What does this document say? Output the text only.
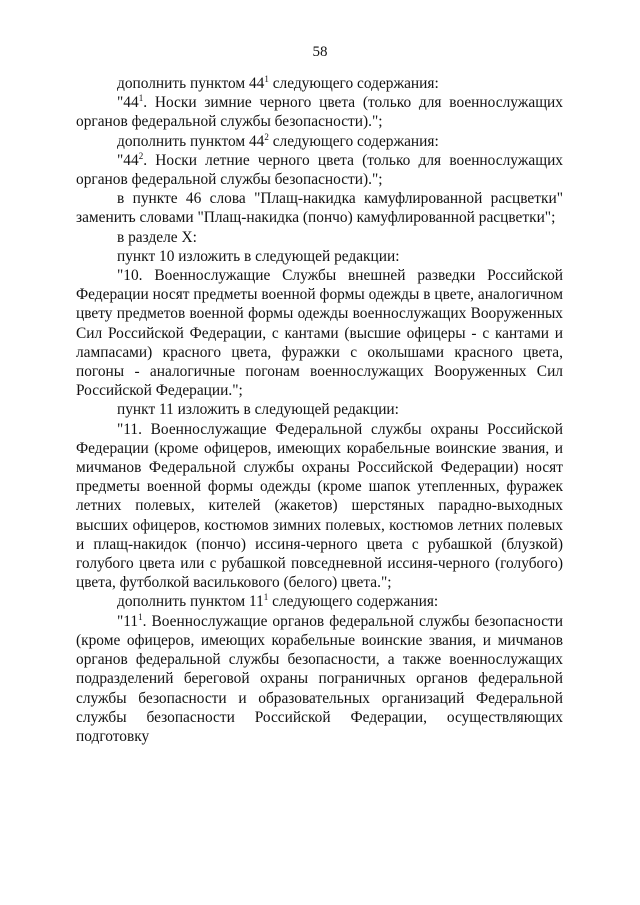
58

дополнить пунктом $44^1$ следующего содержания:

"$44^1$. Носки зимние черного цвета (только для военнослужащих органов федеральной службы безопасности).";

дополнить пунктом $44^2$ следующего содержания:

"$44^2$. Носки летние черного цвета (только для военнослужащих органов федеральной службы безопасности).";

в пункте 46 слова "Плащ-накидка камуфлированной расцветки" заменить словами "Плащ-накидка (пончо) камуфлированной расцветки";

в разделе X:

пункт 10 изложить в следующей редакции:

"10. Военнослужащие Службы внешней разведки Российской Федерации носят предметы военной формы одежды в цвете, аналогичном цвету предметов военной формы одежды военнослужащих Вооруженных Сил Российской Федерации, с кантами (высшие офицеры - с кантами и лампасами) красного цвета, фуражки с околышами красного цвета, погоны - аналогичные погонам военнослужащих Вооруженных Сил Российской Федерации.";

пункт 11 изложить в следующей редакции:

"11. Военнослужащие Федеральной службы охраны Российской Федерации (кроме офицеров, имеющих корабельные воинские звания, и мичманов Федеральной службы охраны Российской Федерации) носят предметы военной формы одежды (кроме шапок утепленных, фуражек летних полевых, кителей (жакетов) шерстяных парадно-выходных высших офицеров, костюмов зимних полевых, костюмов летних полевых и плащ-накидок (пончо) иссиня-черного цвета с рубашкой (блузкой) голубого цвета или с рубашкой повседневной иссиня-черного (голубого) цвета, футболкой василькового (белого) цвета.";

дополнить пунктом $11^1$ следующего содержания:

"$11^1$. Военнослужащие органов федеральной службы безопасности (кроме офицеров, имеющих корабельные воинские звания, и мичманов органов федеральной службы безопасности, а также военнослужащих подразделений береговой охраны пограничных органов федеральной службы безопасности и образовательных организаций Федеральной службы безопасности Российской Федерации, осуществляющих подготовку
